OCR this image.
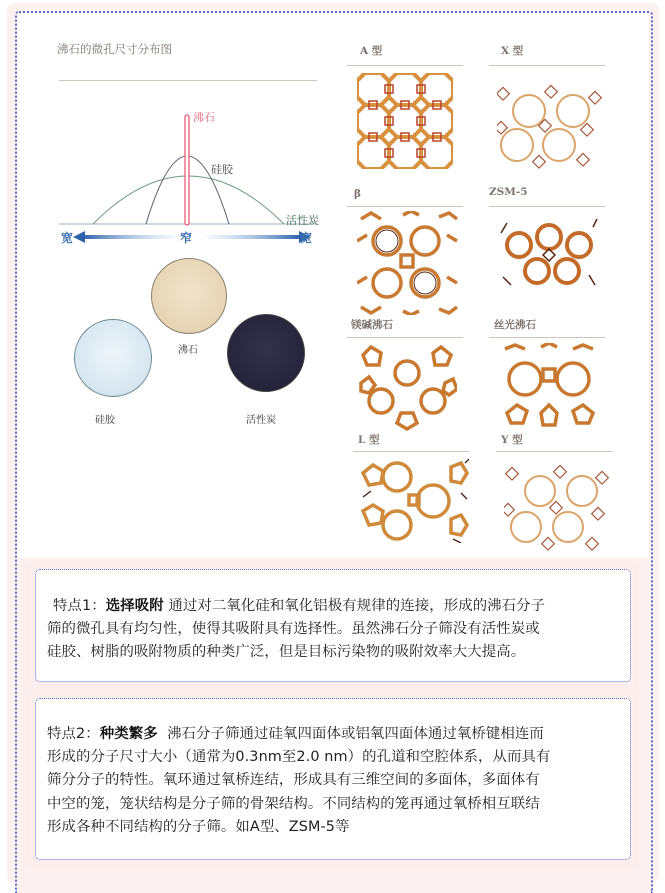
沸石的微孔尺寸分布图
沸石
硅胶
活性炭
宽	窄	宽
沸石
硅胶	活性炭
A 型	X 型
β	ZSM-5
镁碱沸石	丝光沸石
L 型	Y 型
特点1：选择吸附 通过对二氧化硅和氧化铝极有规律的连接，形成的沸石分子
筛的微孔具有均匀性，使得其吸附具有选择性。虽然沸石分子筛没有活性炭或
硅胶、树脂的吸附物质的种类广泛，但是目标污染物的吸附效率大大提高。
特点2：种类繁多 沸石分子筛通过硅氧四面体或铝氧四面体通过氧桥键相连而
形成的分子尺寸大小（通常为0.3nm至2.0 nm）的孔道和空腔体系，从而具有
筛分分子的特性。氧环通过氧桥连结，形成具有三维空间的多面体，多面体有
中空的笼，笼状结构是分子筛的骨架结构。不同结构的笼再通过氧桥相互联结
形成各种不同结构的分子筛。如A型、ZSM-5等
